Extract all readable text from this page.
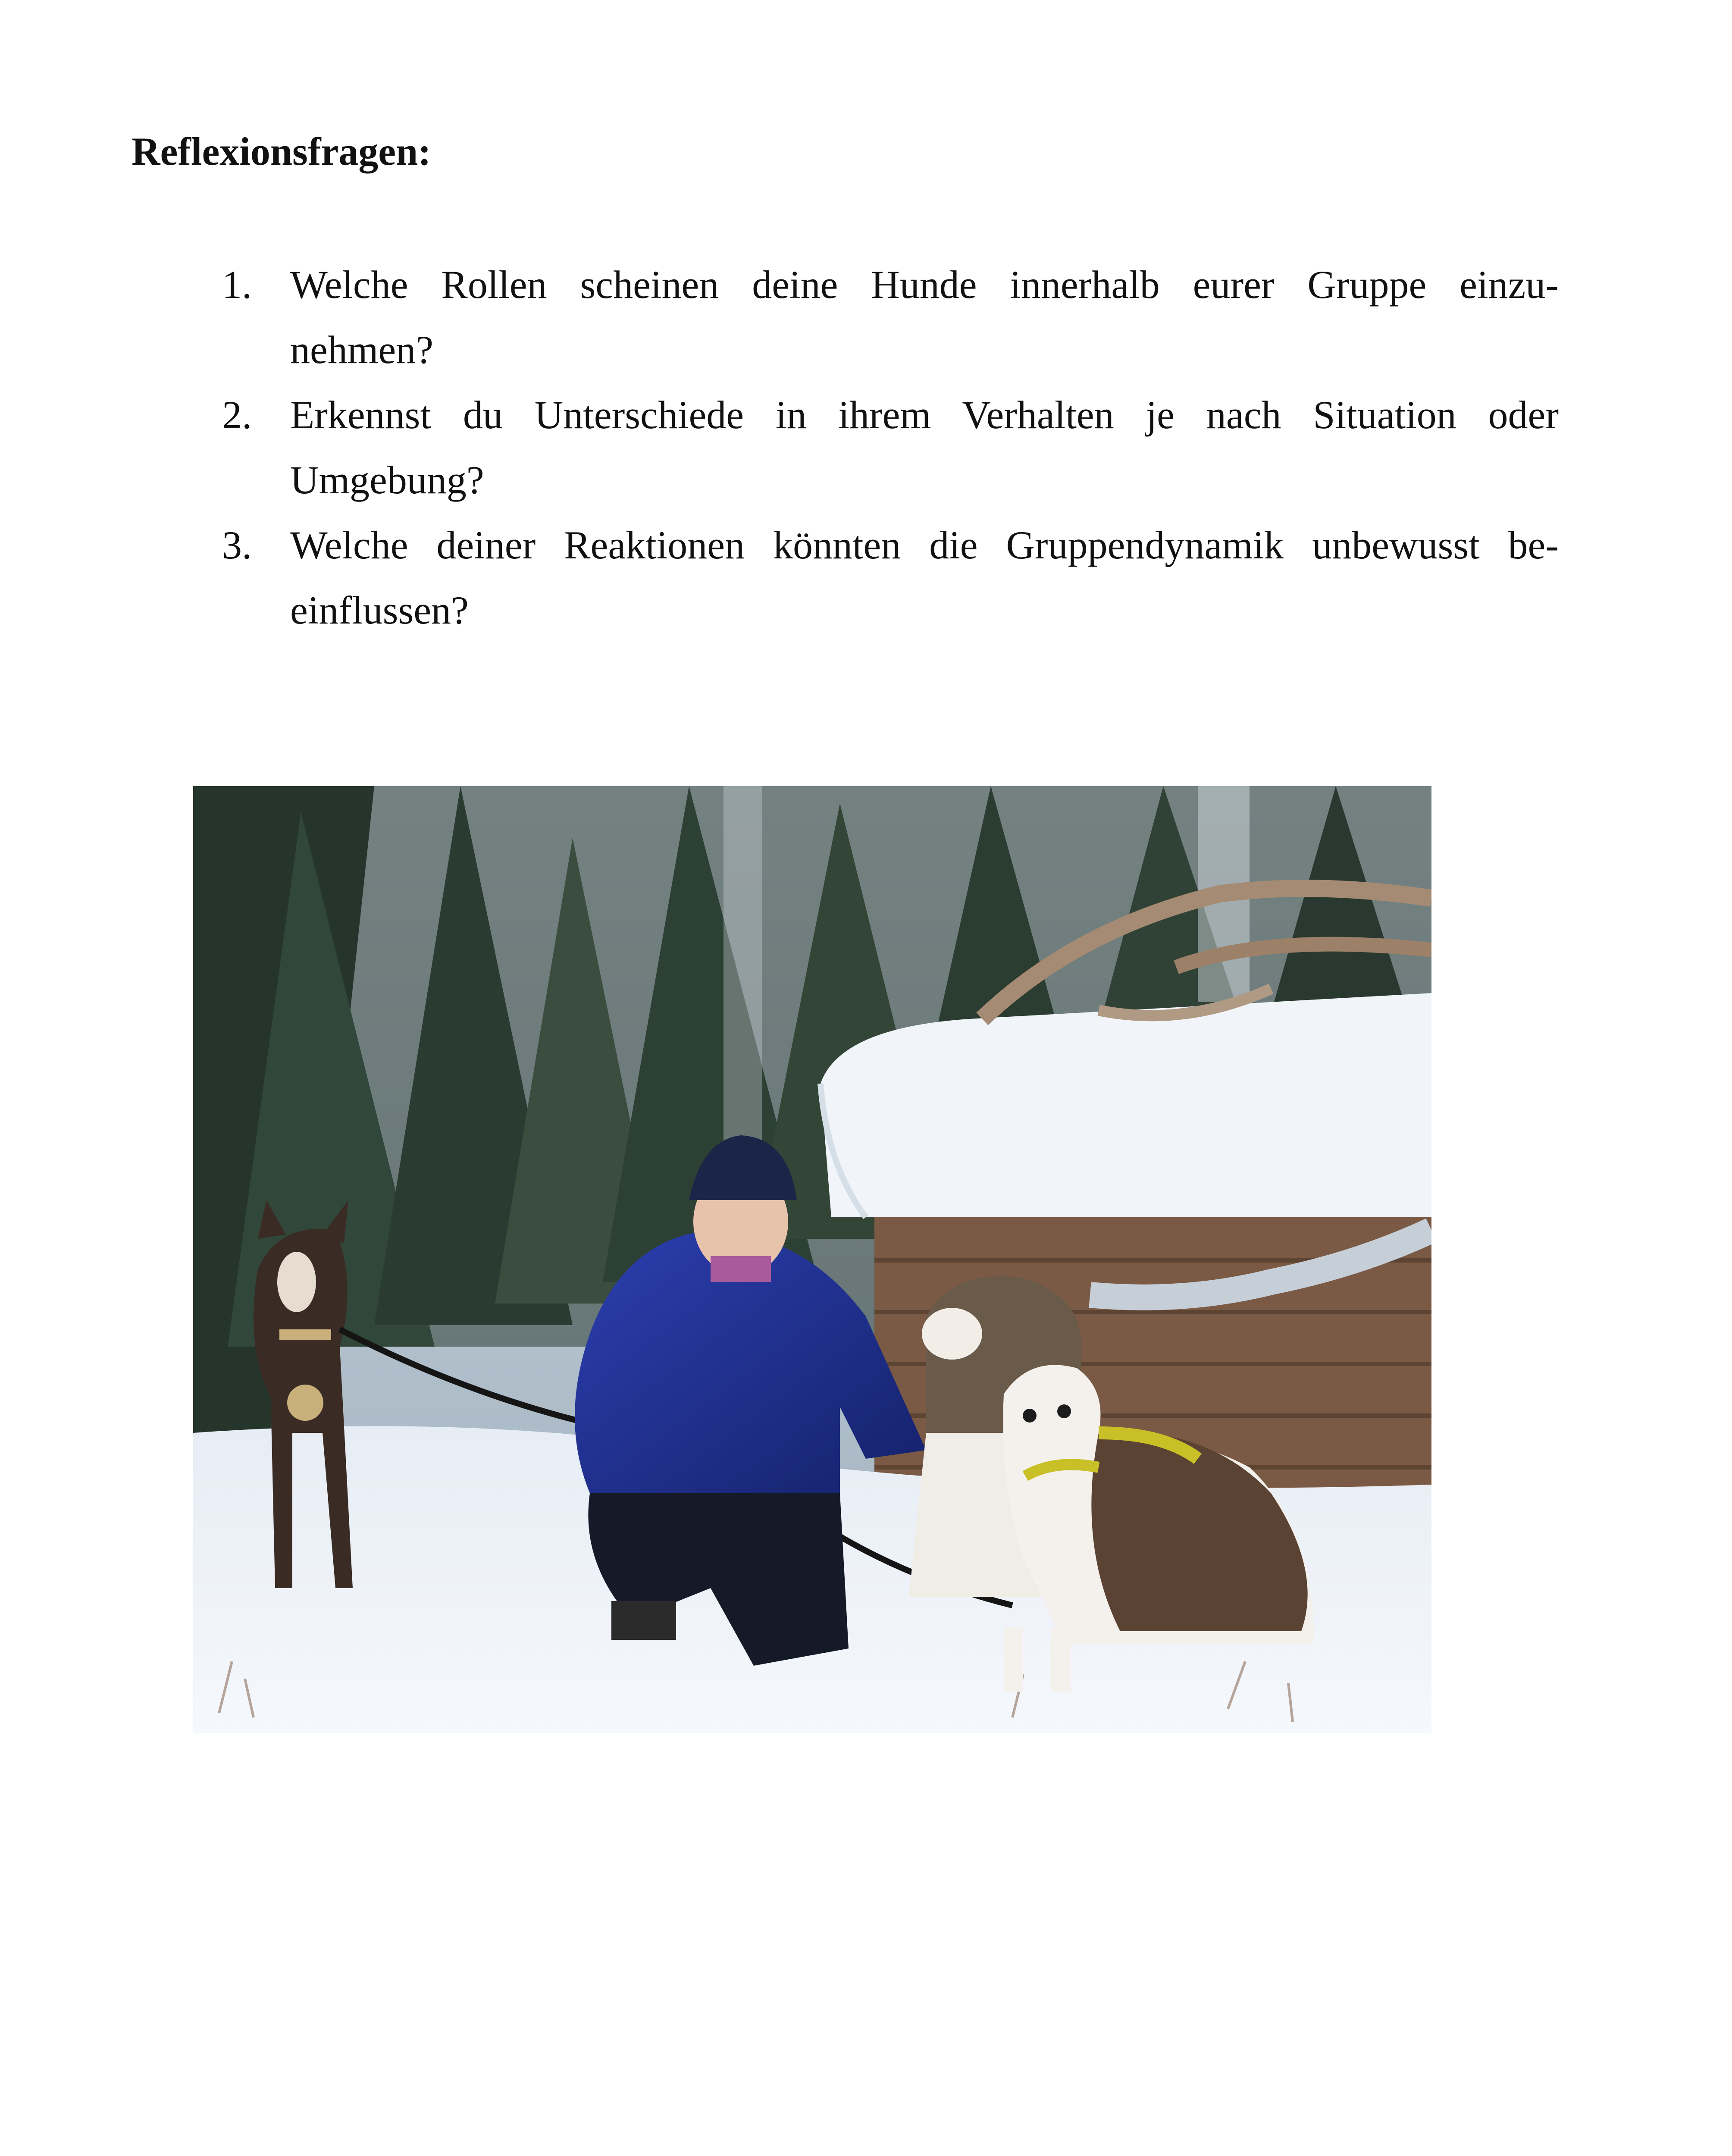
Reflexionsfragen:
1. Welche Rollen scheinen deine Hunde innerhalb eurer Gruppe einzu-
nehmen?
2. Erkennst du Unterschiede in ihrem Verhalten je nach Situation oder
Umgebung?
3. Welche deiner Reaktionen könnten die Gruppendynamik unbewusst be-
einflussen?
